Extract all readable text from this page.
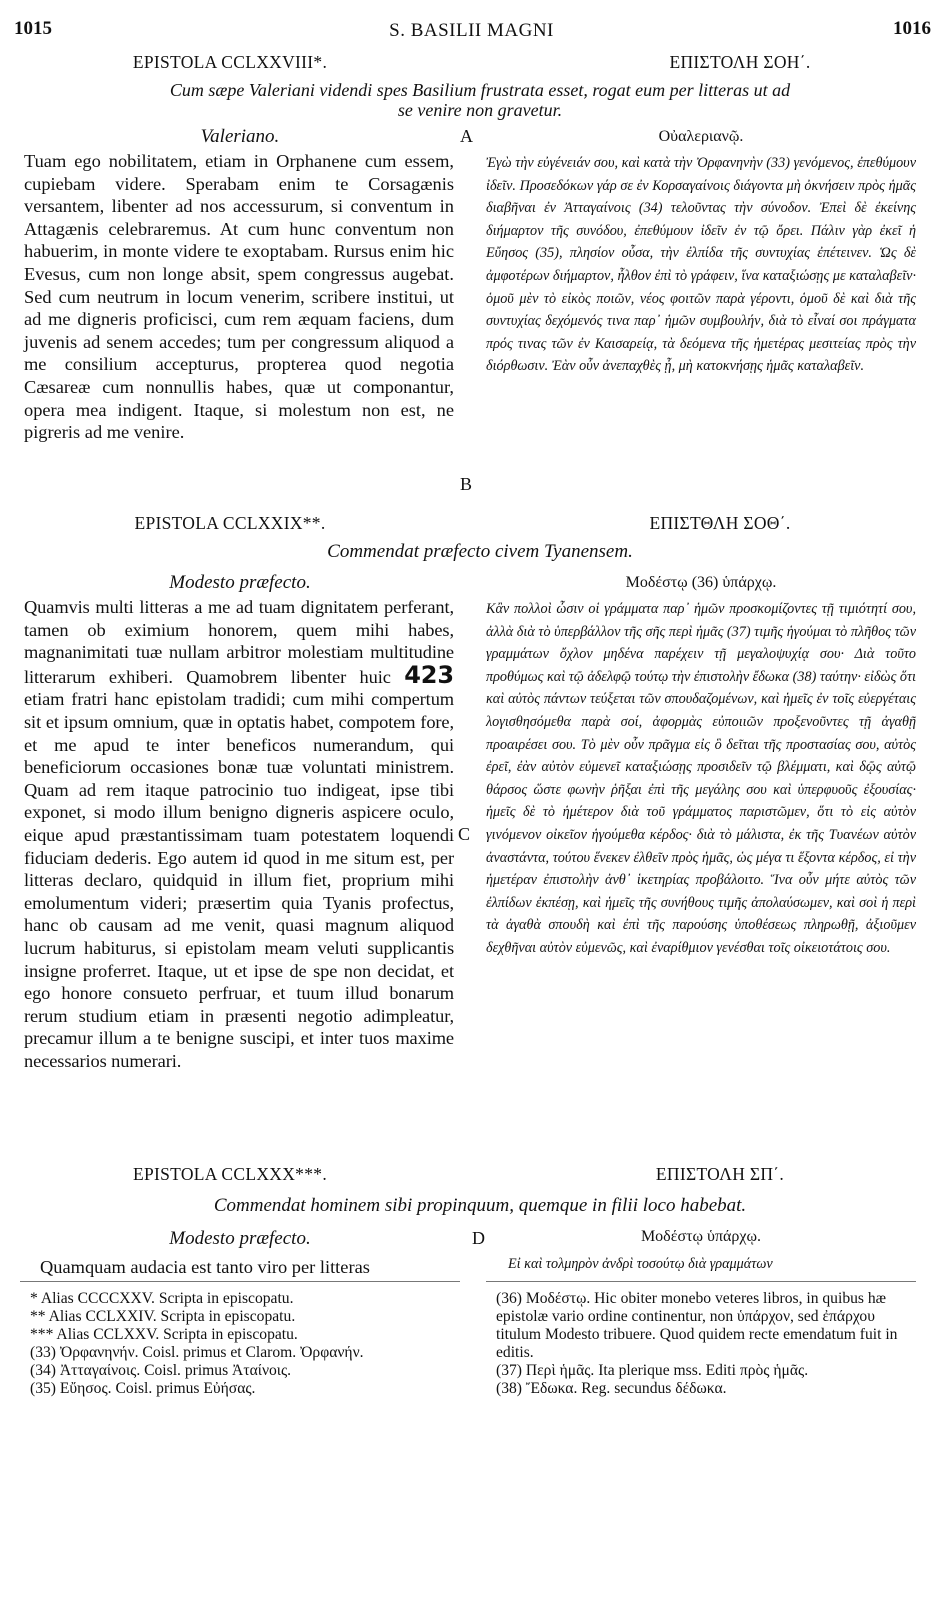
1015	S. BASILII MAGNI	1016
EPISTOLA CCLXXVIII*.	ΕΠΙΣΤΟΛΗ ΣΟΗ΄.
Cum sæpe Valeriani videndi spes Basilium frustrata esset, rogat eum per litteras ut ad
se venire non gravetur.
Valeriano.	Οὐαλεριανῷ.
Tuam ego nobilitatem, etiam in Orphanene cum essem, cupiebam videre. Sperabam enim te Corsagænis versantem, libenter ad nos accessurum, si conventum in Attagænis celebraremus. At cum hunc conventum non habuerim, in monte videre te exoptabam. Rursus enim hic Evesus, cum non longe absit, spem congressus augebat. Sed cum neutrum in locum venerim, scribere institui, ut ad me digneris proficisci, cum rem æquam faciens, dum juvenis ad senem accedes; tum per congressum aliquod a me consilium accepturus, propterea quod negotia Cæsareæ cum nonnullis habes, quæ ut componantur, opera mea indigent. Itaque, si molestum non est, ne pigreris ad me venire.
Ἐγὼ τὴν εὐγένειάν σου, καὶ κατὰ τὴν Ὀρφανηνὴν (33) γενόμενος, ἐπεθύμουν ἰδεῖν. Προσεδόκων γάρ σε ἐν Κορσαγαίνοις διάγοντα μὴ ὀκνήσειν πρὸς ἡμᾶς διαβῆναι ἐν Ἀτταγαίνοις (34) τελοῦντας τὴν σύνοδον. Ἐπεὶ δὲ ἐκείνης διήμαρτον τῆς συνόδου, ἐπεθύμουν ἰδεῖν ἐν τῷ ὄρει. Πάλιν γὰρ ἐκεῖ ἡ Εὔησος (35), πλησίον οὖσα, τὴν ἐλπίδα τῆς συντυχίας ἐπέτεινεν. Ὡς δὲ ἀμφοτέρων διήμαρτον, ἦλθον ἐπὶ τὸ γράφειν, ἵνα καταξιώσῃς με καταλαβεῖν· ὁμοῦ μὲν τὸ εἰκὸς ποιῶν, νέος φοιτῶν παρὰ γέροντι, ὁμοῦ δὲ καὶ διὰ τῆς συντυχίας δεχόμενός τινα παρ᾽ ἡμῶν συμβουλήν, διὰ τὸ εἶναί σοι πράγματα πρός τινας τῶν ἐν Καισαρείᾳ, τὰ δεόμενα τῆς ἡμετέρας μεσιτείας πρὸς τὴν διόρθωσιν. Ἐὰν οὖν ἀνεπαχθὲς ᾖ, μὴ κατοκνήσῃς ἡμᾶς καταλαβεῖν.
A
B
EPISTOLA CCLXXIX**.	ΕΠΙΣΤΘΛΗ ΣΟΘ΄.
Commendat præfecto civem Tyanensem.
Modesto præfecto.	Μοδέστῳ (36) ὑπάρχῳ.
Quamvis multi litteras a me ad tuam dignitatem perferant, tamen ob eximium honorem, quem mihi habes, magnanimitati tuæ nullam arbitror molestiam multitudine litterarum exhiberi. Quamobrem libenter huic 423 etiam fratri hanc epistolam tradidi; cum mihi compertum sit et ipsum omnium, quæ in optatis habet, compotem fore, et me apud te inter beneficos numerandum, qui beneficiorum occasiones bonæ tuæ voluntati ministrem. Quam ad rem itaque patrocinio tuo indigeat, ipse tibi exponet, si modo illum benigno digneris aspicere oculo, eique apud præstantissimam tuam potestatem loquendi fiduciam dederis. Ego autem id quod in me situm est, per litteras declaro, quidquid in illum fiet, proprium mihi emolumentum videri; præsertim quia Tyanis profectus, hanc ob causam ad me venit, quasi magnum aliquod lucrum habiturus, si epistolam meam veluti supplicantis insigne proferret. Itaque, ut et ipse de spe non decidat, et ego honore consueto perfruar, et tuum illud bonarum rerum studium etiam in præsenti negotio adimpleatur, precamur illum a te benigne suscipi, et inter tuos maxime necessarios numerari.
Κἂν πολλοὶ ὦσιν οἱ γράμματα παρ᾽ ἡμῶν προσκομίζοντες τῇ τιμιότητί σου, ἀλλὰ διὰ τὸ ὑπερβάλλον τῆς σῆς περὶ ἡμᾶς (37) τιμῆς ἡγούμαι τὸ πλῆθος τῶν γραμμάτων ὄχλον μηδένα παρέχειν τῇ μεγαλοψυχίᾳ σου· Διὰ τοῦτο προθύμως καὶ τῷ ἀδελφῷ τούτῳ τὴν ἐπιστολὴν ἔδωκα (38) ταύτην· εἰδὼς ὅτι καὶ αὐτὸς πάντων τεύξεται τῶν σπουδαζομένων, καὶ ἡμεῖς ἐν τοῖς εὐεργέταις λογισθησόμεθα παρὰ σοί, ἀφορμὰς εὐποιιῶν προξενοῦντες τῇ ἀγαθῇ προαιρέσει σου. Τὸ μὲν οὖν πρᾶγμα εἰς ὃ δεῖται τῆς προστασίας σου, αὐτὸς ἐρεῖ, ἐὰν αὐτὸν εὐμενεῖ καταξιώσῃς προσιδεῖν τῷ βλέμματι, καὶ δῷς αὐτῷ θάρσος ὥστε φωνὴν ῥῆξαι ἐπὶ τῆς μεγάλης σου καὶ ὑπερφυοῦς ἐξουσίας· ἡμεῖς δὲ τὸ ἡμέτερον διὰ τοῦ γράμματος παριστῶμεν, ὅτι τὸ εἰς αὐτὸν γινόμενον οἰκεῖον ἡγούμεθα κέρδος· διὰ τὸ μάλιστα, ἐκ τῆς Τυανέων αὐτὸν ἀναστάντα, τούτου ἕνεκεν ἐλθεῖν πρὸς ἡμᾶς, ὡς μέγα τι ἕξοντα κέρδος, εἰ τὴν ἡμετέραν ἐπιστολὴν ἀνθ᾽ ἱκετηρίας προβάλοιτο. Ἵνα οὖν μήτε αὐτὸς τῶν ἐλπίδων ἐκπέσῃ, καὶ ἡμεῖς τῆς συνήθους τιμῆς ἀπολαύσωμεν, καὶ σοὶ ἡ περὶ τὰ ἀγαθὰ σπουδὴ καὶ ἐπὶ τῆς παρούσης ὑποθέσεως πληρωθῇ, ἀξιοῦμεν δεχθῆναι αὐτὸν εὐμενῶς, καὶ ἐναρίθμιον γενέσθαι τοῖς οἰκειοτάτοις σου.
C
EPISTOLA CCLXXX***.	ΕΠΙΣΤΟΛΗ ΣΠ΄.
Commendat hominem sibi propinquum, quemque in filii loco habebat.
Modesto præfecto.	Μοδέστῳ ὑπάρχῳ.
D
Quamquam audacia est tanto viro per litteras	Εἰ καὶ τολμηρὸν ἀνδρὶ τοσούτῳ διὰ γραμμάτων
* Alias CCCCXXV. Scripta in episcopatu.
** Alias CCLXXIV. Scripta in episcopatu.
*** Alias CCLXXV. Scripta in episcopatu.
(33) Ὀρφανηνήν. Coisl. primus et Clarom. Ὀρφανήν.
(34) Ἀτταγαίνοις. Coisl. primus Ἀταίνοις.
(35) Εὔησος. Coisl. primus Εὐήσας.
(36) Μοδέστῳ. Hic obiter monebo veteres libros, in quibus hæ epistolæ vario ordine continentur, non ὑπάρχον, sed ἐπάρχου titulum Modesto tribuere. Quod quidem recte emendatum fuit in editis.
(37) Περὶ ἡμᾶς. Ita plerique mss. Editi πρὸς ἡμᾶς.
(38) Ἔδωκα. Reg. secundus δέδωκα.
